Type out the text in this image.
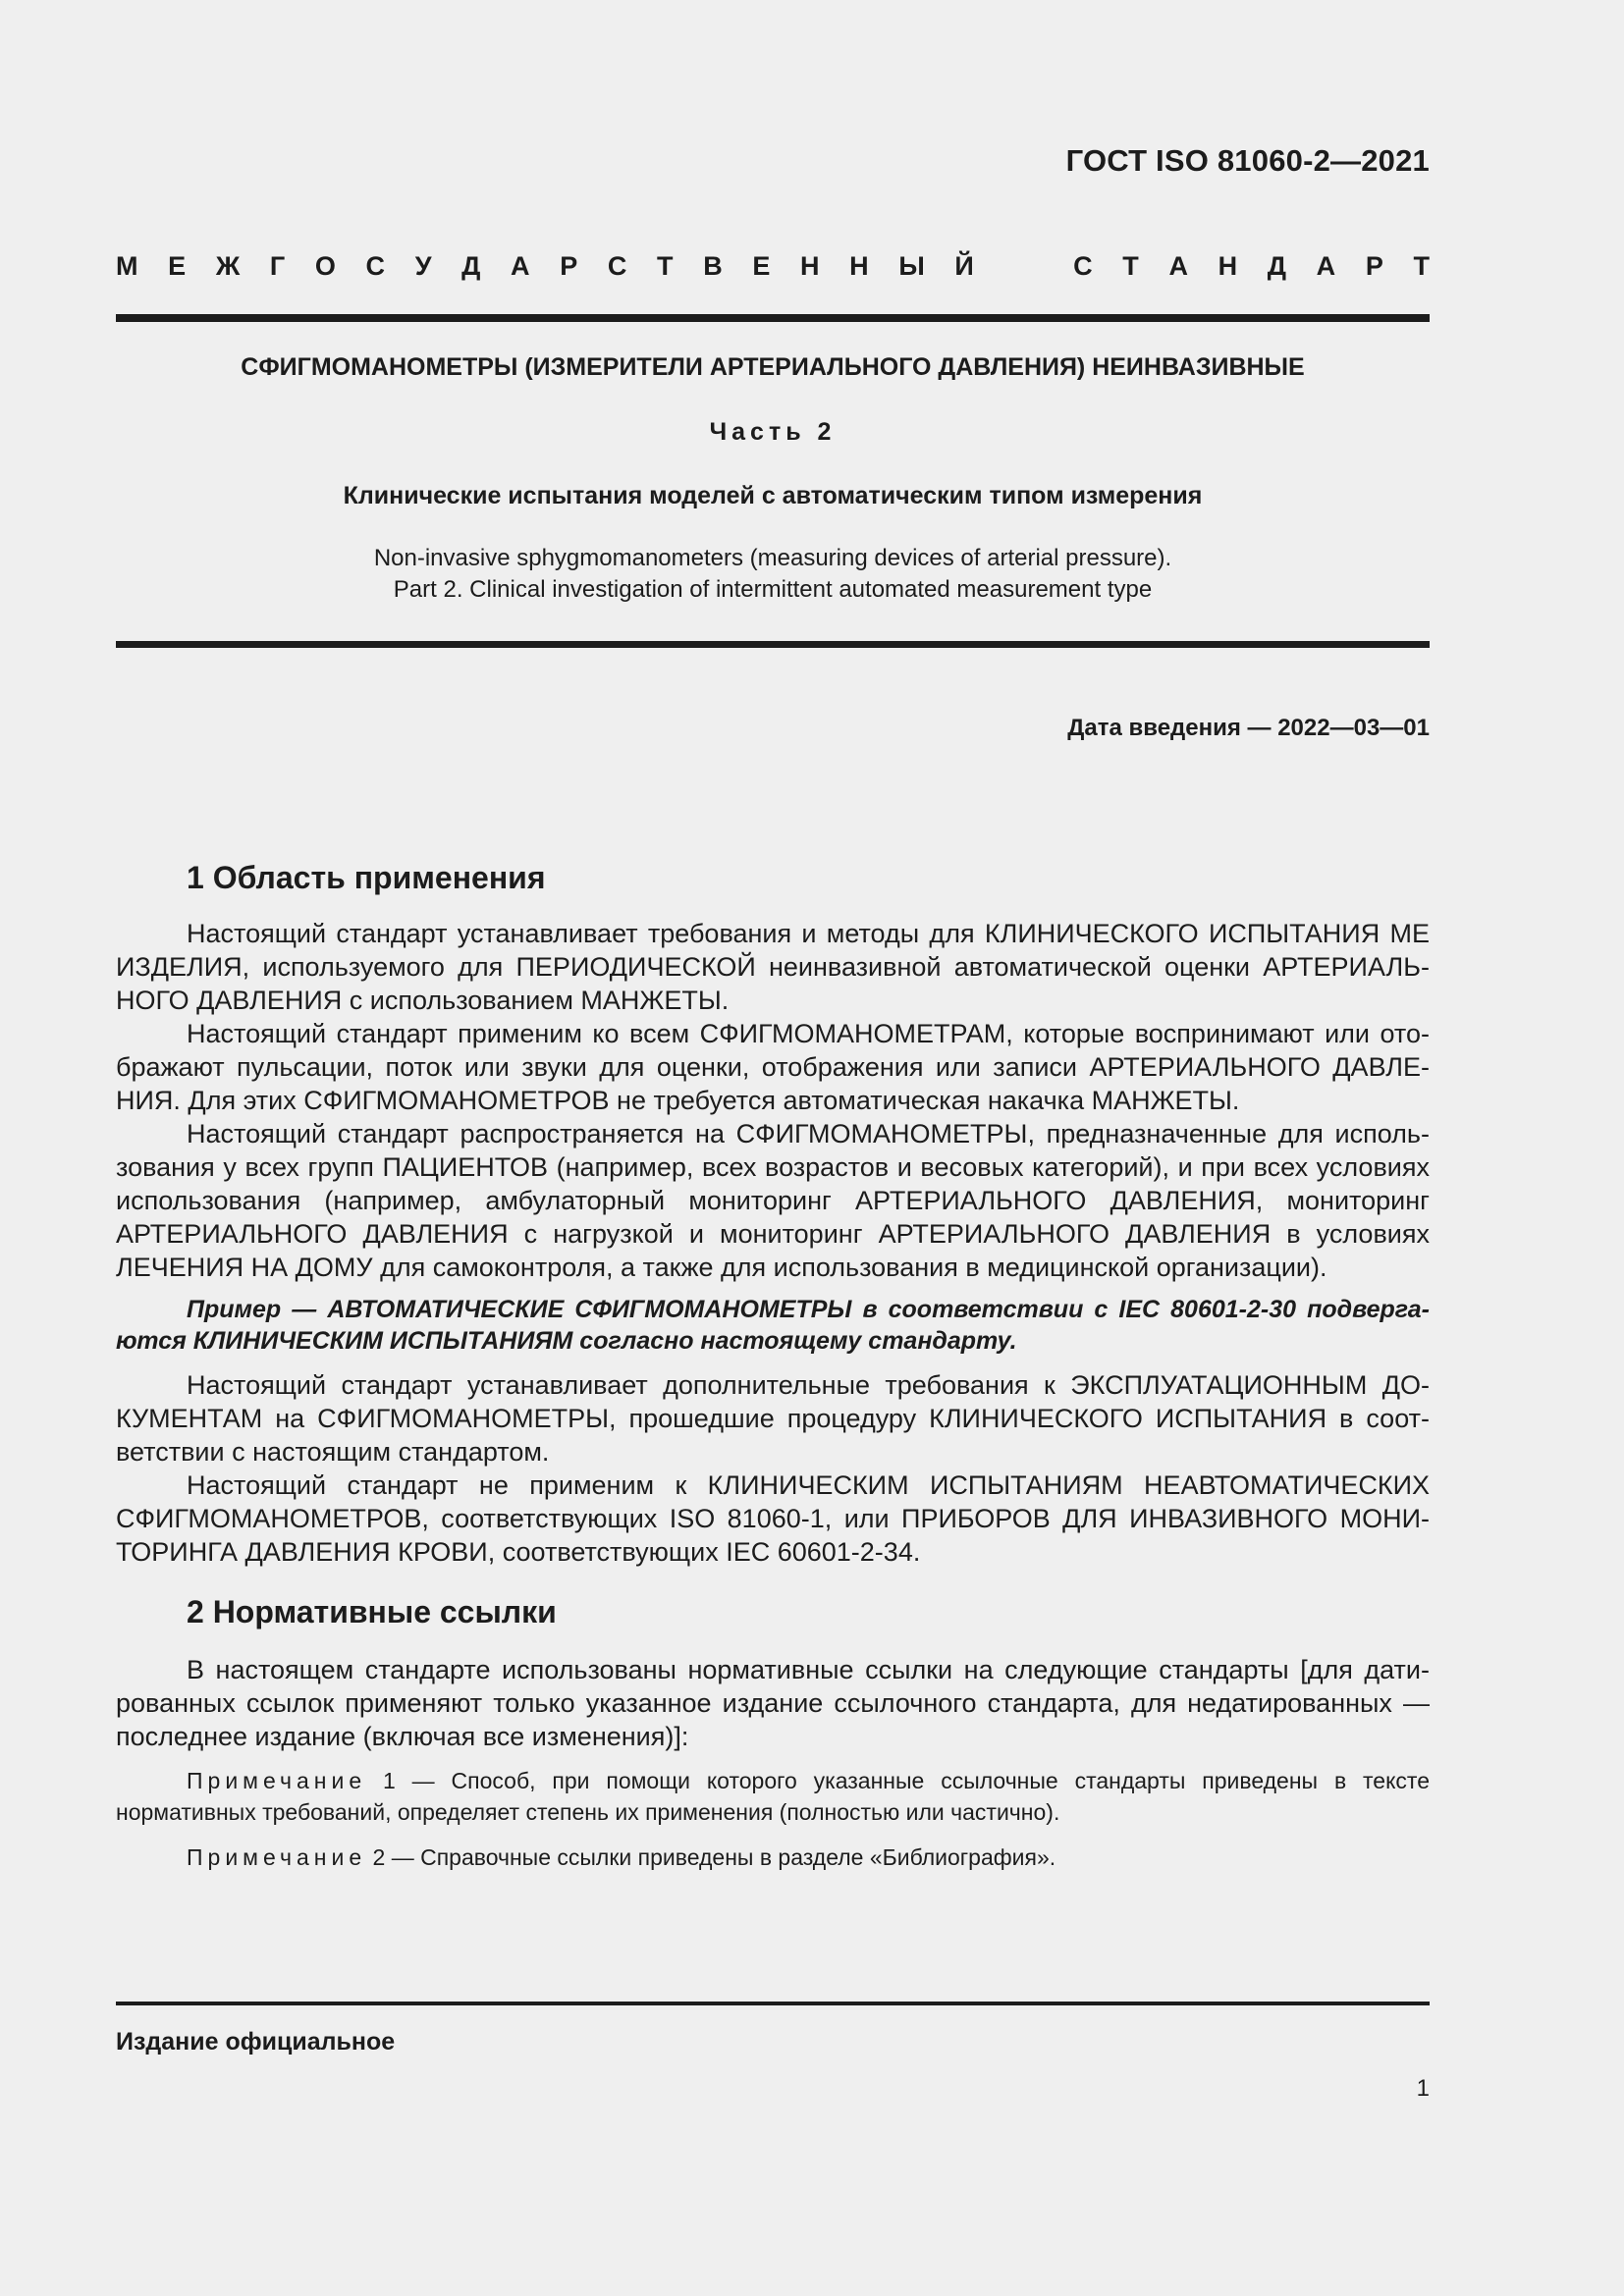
ГОСТ ISO 81060-2—2021
М Е Ж Г О С У Д А Р С Т В Е Н Н Ы Й	С Т А Н Д А Р Т
СФИГМОМАНОМЕТРЫ (ИЗМЕРИТЕЛИ АРТЕРИАЛЬНОГО ДАВЛЕНИЯ) НЕИНВАЗИВНЫЕ
Часть 2
Клинические испытания моделей с автоматическим типом измерения
Non-invasive sphygmomanometers (measuring devices of arterial pressure).
Part 2. Clinical investigation of intermittent automated measurement type
Дата введения — 2022—03—01
1 Область применения

Настоящий стандарт устанавливает требования и методы для КЛИНИЧЕСКОГО ИСПЫТАНИЯ МЕ ИЗДЕЛИЯ, используемого для ПЕРИОДИЧЕСКОЙ неинвазивной автоматической оценки АРТЕРИАЛЬНОГО ДАВЛЕНИЯ с использованием МАНЖЕТЫ.

Настоящий стандарт применим ко всем СФИГМОМАНОМЕТРАМ, которые воспринимают или отображают пульсации, поток или звуки для оценки, отображения или записи АРТЕРИАЛЬНОГО ДАВЛЕНИЯ. Для этих СФИГМОМАНОМЕТРОВ не требуется автоматическая накачка МАНЖЕТЫ.

Настоящий стандарт распространяется на СФИГМОМАНОМЕТРЫ, предназначенные для использования у всех групп ПАЦИЕНТОВ (например, всех возрастов и весовых категорий), и при всех условиях использования (например, амбулаторный мониторинг АРТЕРИАЛЬНОГО ДАВЛЕНИЯ, мониторинг АРТЕРИАЛЬНОГО ДАВЛЕНИЯ с нагрузкой и мониторинг АРТЕРИАЛЬНОГО ДАВЛЕНИЯ в условиях ЛЕЧЕНИЯ НА ДОМУ для самоконтроля, а также для использования в медицинской организации).

Пример — АВТОМАТИЧЕСКИЕ СФИГМОМАНОМЕТРЫ в соответствии с IEC 80601-2-30 подвергаются КЛИНИЧЕСКИМ ИСПЫТАНИЯМ согласно настоящему стандарту.

Настоящий стандарт устанавливает дополнительные требования к ЭКСПЛУАТАЦИОННЫМ ДОКУМЕНТАМ на СФИГМОМАНОМЕТРЫ, прошедшие процедуру КЛИНИЧЕСКОГО ИСПЫТАНИЯ в соответствии с настоящим стандартом.

Настоящий стандарт не применим к КЛИНИЧЕСКИМ ИСПЫТАНИЯМ НЕАВТОМАТИЧЕСКИХ СФИГМОМАНОМЕТРОВ, соответствующих ISO 81060-1, или ПРИБОРОВ ДЛЯ ИНВАЗИВНОГО МОНИТОРИНГА ДАВЛЕНИЯ КРОВИ, соответствующих IEC 60601-2-34.

2 Нормативные ссылки

В настоящем стандарте использованы нормативные ссылки на следующие стандарты [для датированных ссылок применяют только указанное издание ссылочного стандарта, для недатированных — последнее издание (включая все изменения)]:

Примечание 1 — Способ, при помощи которого указанные ссылочные стандарты приведены в тексте нормативных требований, определяет степень их применения (полностью или частично).

Примечание 2 — Справочные ссылки приведены в разделе «Библиография».

Издание официальное
1
